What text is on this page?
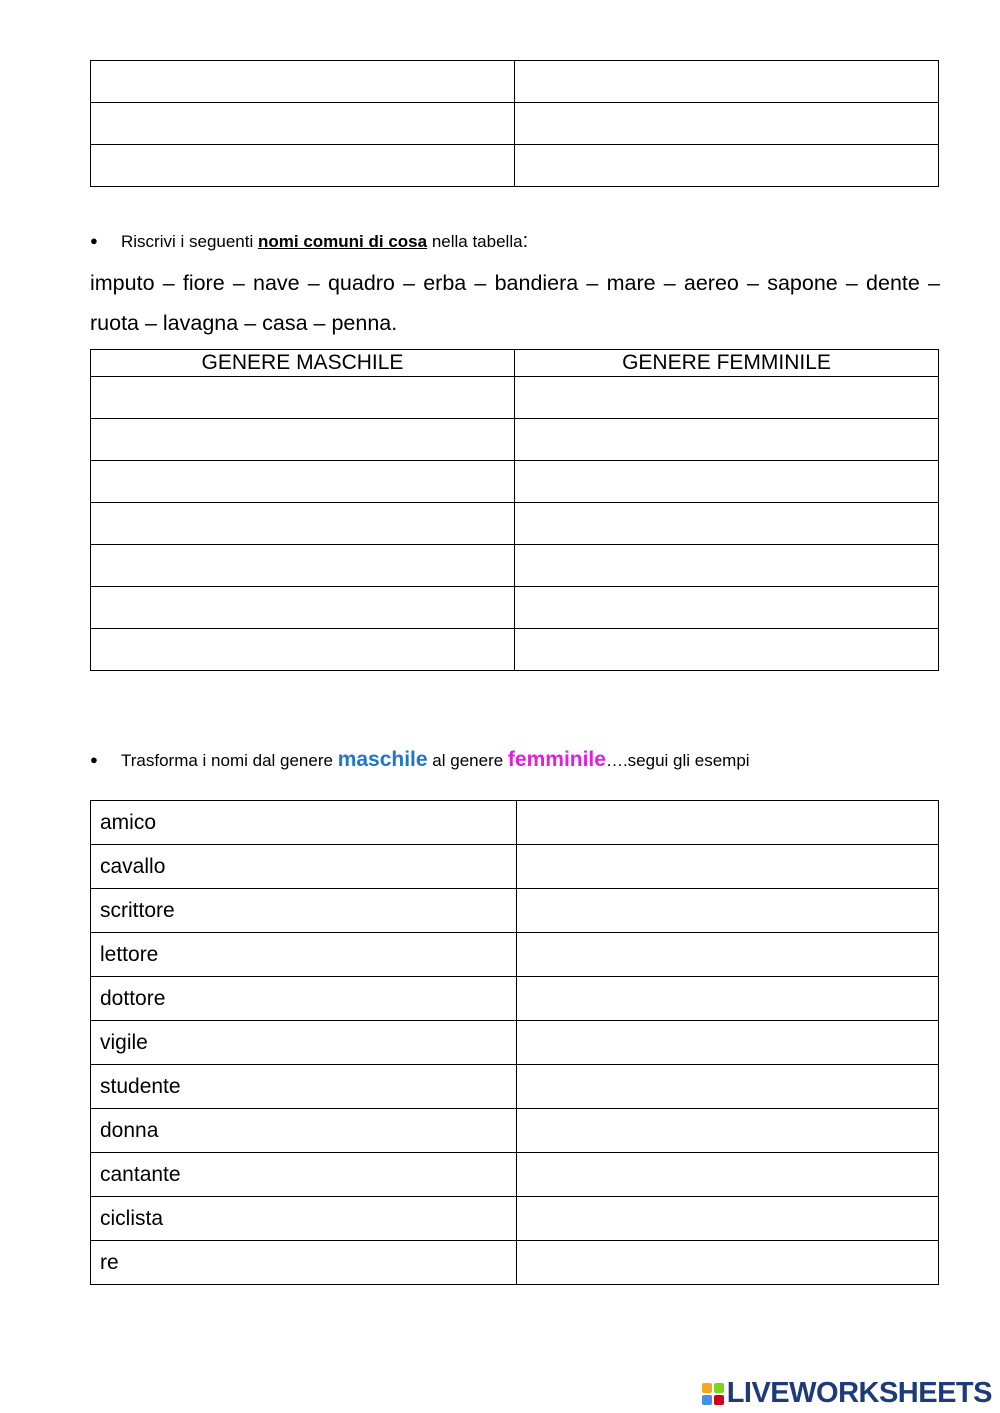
●	Riscrivi i seguenti nomi comuni di cosa nella tabella:
imputo – fiore – nave – quadro – erba – bandiera – mare – aereo – sapone – dente – ruota – lavagna – casa – penna.
GENERE MASCHILE	GENERE FEMMINILE

●	Trasforma i nomi dal genere maschile al genere femminile….segui gli esempi
amico	
cavallo	
scrittore	
lettore	
dottore	
vigile	
studente	
donna	
cantante	
ciclista	
re	
LIVEWORKSHEETS
